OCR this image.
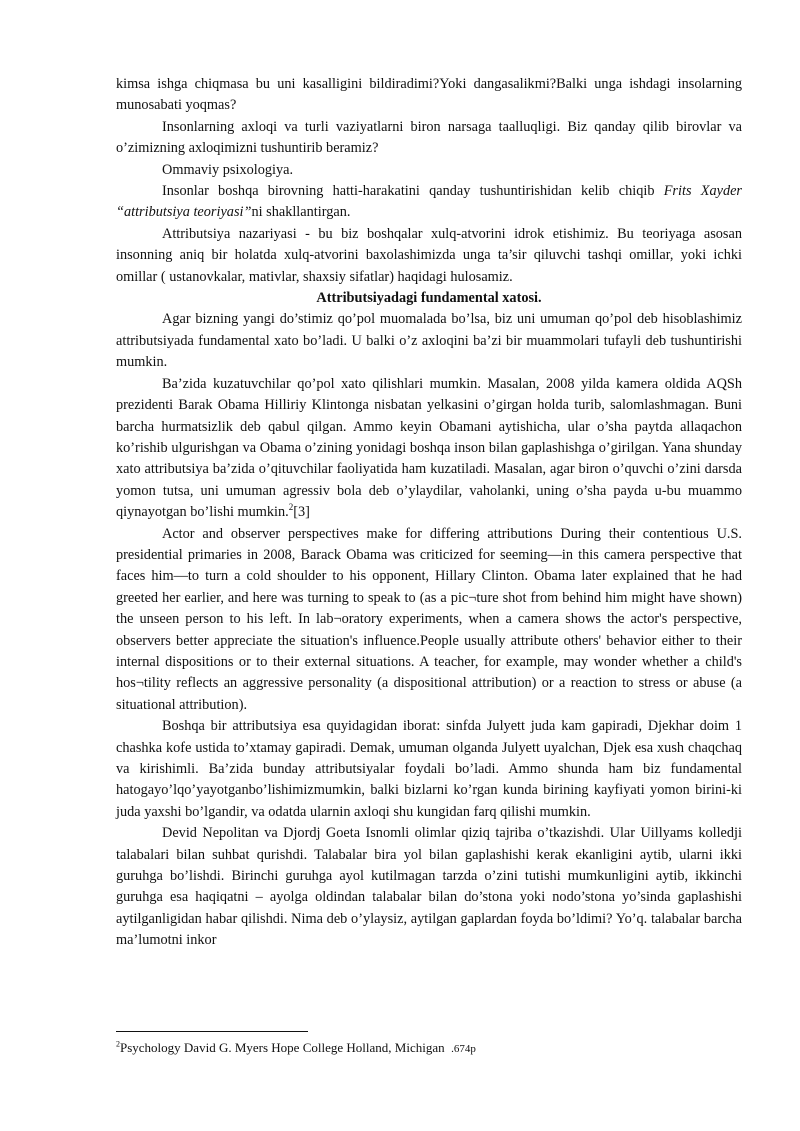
kimsa ishga chiqmasa bu uni kasalligini bildiradimi?Yoki dangasalikmi?Balki unga ishdagi insolarning munosabati yoqmas?

Insonlarning axloqi va turli vaziyatlarni biron narsaga taalluqligi. Biz qanday qilib birovlar va o’zimizning axloqimizni tushuntirib beramiz?

Ommaviy psixologiya.

Insonlar boshqa birovning hatti-harakatini qanday tushuntirishidan kelib chiqib Frits Xayder “attributsiya teoriyasi”ni shakllantirgan.

Attributsiya nazariyasi - bu biz boshqalar xulq-atvorini idrok etishimiz. Bu teoriyaga asosan insonning aniq bir holatda xulq-atvorini baxolashimizda unga ta’sir qiluvchi tashqi omillar, yoki ichki omillar ( ustanovkalar, mativlar, shaxsiy sifatlar) haqidagi hulosamiz.

Attributsiyadagi fundamental xatosi.

Agar bizning yangi do’stimiz qo’pol muomalada bo’lsa, biz uni umuman qo’pol deb hisoblashimiz attributsiyada fundamental xato bo’ladi. U balki o’z axloqini ba’zi bir muammolari tufayli deb tushuntirishi mumkin.

Ba’zida kuzatuvchilar qo’pol xato qilishlari mumkin. Masalan, 2008 yilda kamera oldida AQSh prezidenti Barak Obama Hilliriy Klintonga nisbatan yelkasini o’girgan holda turib, salomlashmagan. Buni barcha hurmatsizlik deb qabul qilgan. Ammo keyin Obamani aytishicha, ular o’sha paytda allaqachon ko’rishib ulgurishgan va Obama o’zining yonidagi boshqa inson bilan gaplashishga o’girilgan. Yana shunday xato attributsiya ba’zida o’qituvchilar faoliyatida ham kuzatiladi. Masalan, agar biron o’quvchi o’zini darsda yomon tutsa, uni umuman agressiv bola deb o’ylaydilar, vaholanki, uning o’sha payda u-bu muammo qiynayotgan bo’lishi mumkin.$^2$[3]

Actor and observer perspectives make for differing attributions During their contentious U.S. presidential primaries in 2008, Barack Obama was criticized for seeming—in this camera perspective that faces him—to turn a cold shoulder to his opponent, Hillary Clinton. Obama later explained that he had greeted her earlier, and here was turning to speak to (as a pic¬ture shot from behind him might have shown) the unseen person to his left. In lab¬oratory experiments, when a camera shows the actor's perspective, observers better appreciate the situation's influence.People usually attribute others' behavior either to their internal dispositions or to their external situations. A teacher, for example, may wonder whether a child's hos¬tility reflects an aggressive personality (a dispositional attribution) or a reaction to stress or abuse (a situational attribution).

Boshqa bir attributsiya esa quyidagidan iborat: sinfda Julyett juda kam gapiradi, Djekhar doim 1 chashka kofe ustida to’xtamay gapiradi. Demak, umuman olganda Julyett uyalchan, Djek esa xush chaqchaq va kirishimli. Ba’zida bunday attributsiyalar foydali bo’ladi. Ammo shunda ham biz fundamental hatogayo’lqo’yayotganbo’lishimizmumkin, balki bizlarni ko’rgan kunda birining kayfiyati yomon birini-ki juda yaxshi bo’lgandir, va odatda ularnin axloqi shu kungidan farq qilishi mumkin.

Devid Nepolitan va Djordj Goeta Isnomli olimlar qiziq tajriba o’tkazishdi. Ular Uillyams kolledji talabalari bilan suhbat qurishdi. Talabalar bira yol bilan gaplashishi kerak ekanligini aytib, ularni ikki guruhga bo’lishdi. Birinchi guruhga ayol kutilmagan tarzda o’zini tutishi mumkunligini aytib, ikkinchi guruhga esa haqiqatni – ayolga oldindan talabalar bilan do’stona yoki nodo’stona yo’sinda gaplashishi aytilganligidan habar qilishdi. Nima deb o’ylaysiz, aytilgan gaplardan foyda bo’ldimi? Yo’q. talabalar barcha ma’lumotni inkor

$^2$Psychology David G. Myers Hope College Holland, Michigan .674p
